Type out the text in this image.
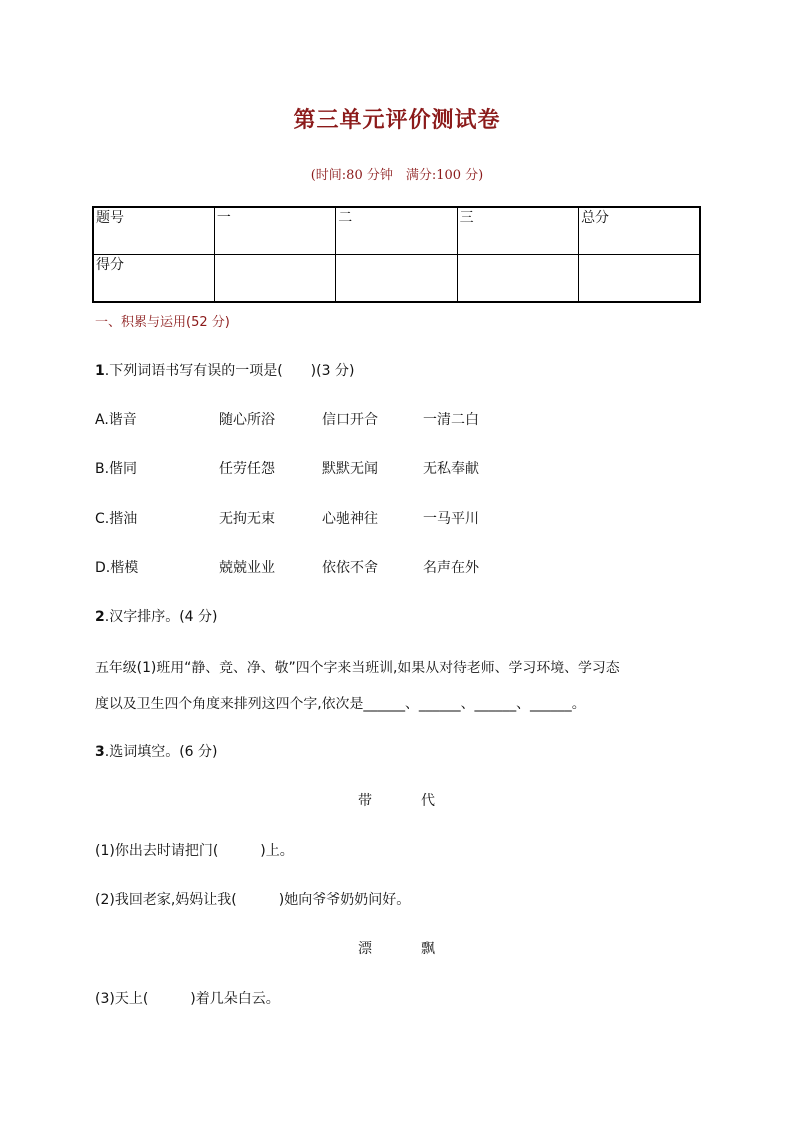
第三单元评价测试卷
(时间:80 分钟　满分:100 分)
题号	一	二	三	总分
得分				
一、积累与运用(52 分)
1.下列词语书写有误的一项是(　　)(3 分)
A.谐音	随心所浴	信口开合	一清二白
B.偕同	任劳任怨	默默无闻	无私奉献
C.揩油	无拘无束	心驰神往	一马平川
D.楷模	兢兢业业	依依不舍	名声在外
2.汉字排序。(4 分)
五年级(1)班用“静、竞、净、敬”四个字来当班训,如果从对待老师、学习环境、学习态
度以及卫生四个角度来排列这四个字,依次是______、______、______、______。
3.选词填空。(6 分)
带	代
(1)你出去时请把门(　　　)上。
(2)我回老家,妈妈让我(　　　)她向爷爷奶奶问好。
漂	飘
(3)天上(　　　)着几朵白云。
